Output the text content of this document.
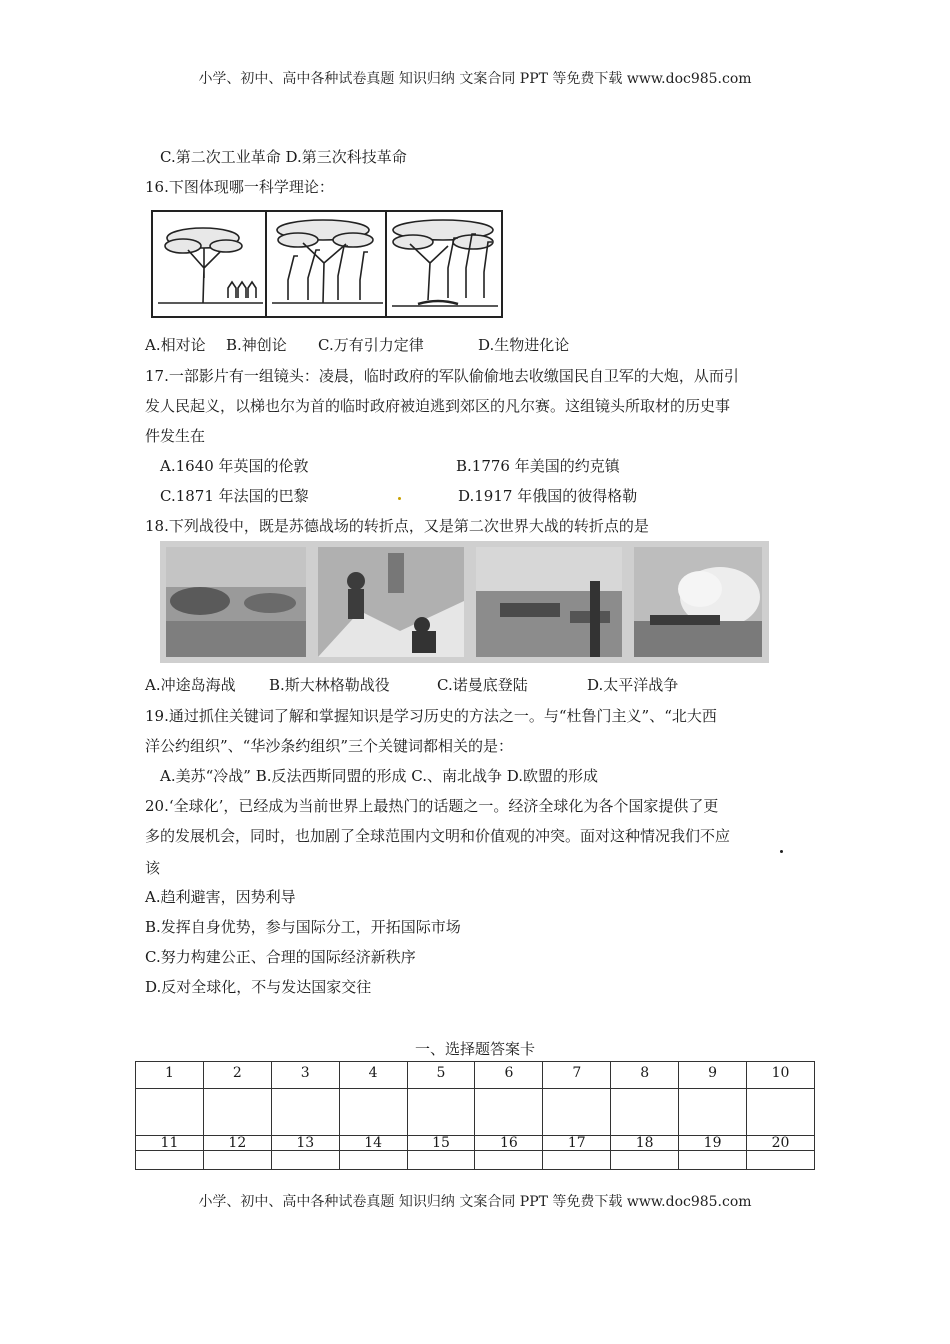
小学、初中、高中各种试卷真题 知识归纳 文案合同 PPT 等免费下载 www.doc985.com
C.第二次工业革命 D.第三次科技革命
16.下图体现哪一科学理论：
A.相对论 B.神创论 C.万有引力定律	D.生物进化论
17.一部影片有一组镜头：凌晨，临时政府的军队偷偷地去收缴国民自卫军的大炮，从而引
发人民起义，以梯也尔为首的临时政府被迫逃到郊区的凡尔赛。这组镜头所取材的历史事
件发生在
A.1640 年英国的伦敦	B.1776 年美国的约克镇
C.1871 年法国的巴黎	D.1917 年俄国的彼得格勒
18.下列战役中，既是苏德战场的转折点，又是第二次世界大战的转折点的是
A.冲途岛海战 B.斯大林格勒战役	C.诺曼底登陆	D.太平洋战争
19.通过抓住关键词了解和掌握知识是学习历史的方法之一。与“杜鲁门主义”、“北大西
洋公约组织”、“华沙条约组织”三个关键词都相关的是：
A.美苏“冷战” B.反法西斯同盟的形成 C.、南北战争 D.欧盟的形成
20.‘全球化’，已经成为当前世界上最热门的话题之一。经济全球化为各个国家提供了更
多的发展机会，同时，也加剧了全球范围内文明和价值观的冲突。面对这种情况我们不应
该
A.趋利避害，因势利导
B.发挥自身优势，参与国际分工，开拓国际市场
C.努力构建公正、合理的国际经济新秩序
D.反对全球化，不与发达国家交往
一、选择题答案卡
1	2	3	4	5	6	7	8	9	10

11	12	13	14	15	16	17	18	19	20

小学、初中、高中各种试卷真题 知识归纳 文案合同 PPT 等免费下载 www.doc985.com
